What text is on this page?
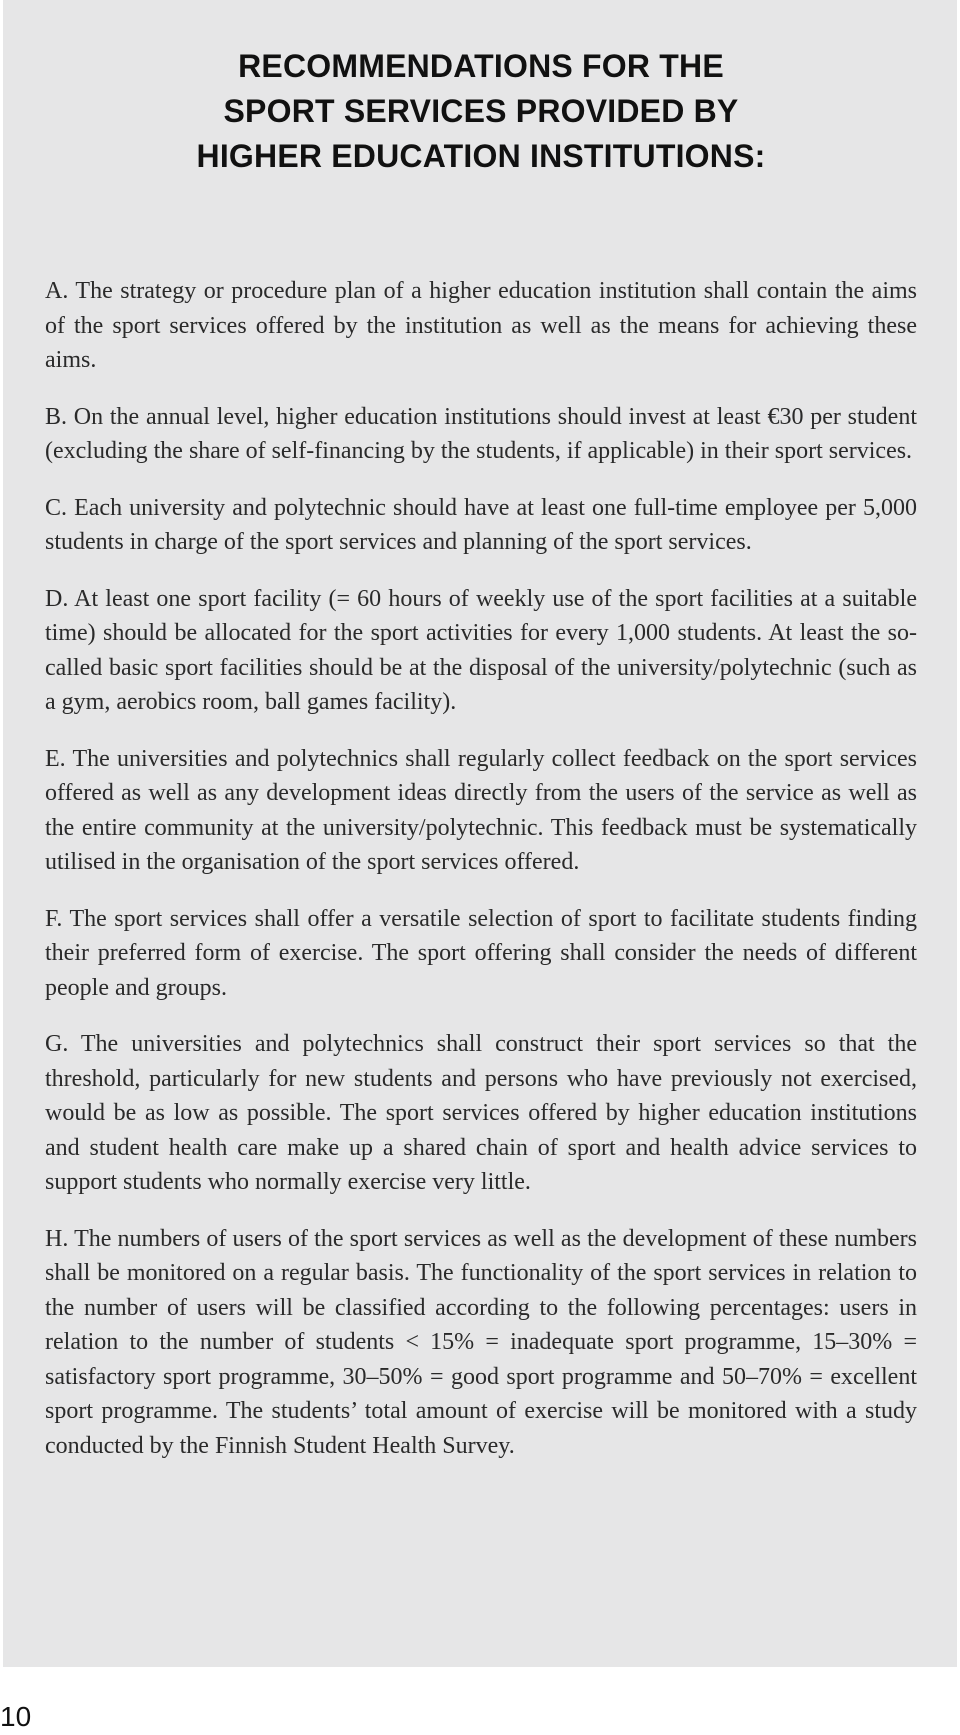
RECOMMENDATIONS FOR THE
SPORT SERVICES PROVIDED BY
HIGHER EDUCATION INSTITUTIONS:

A. The strategy or procedure plan of a higher education institution shall contain the aims of the sport services offered by the institution as well as the means for achieving these aims.

B. On the annual level, higher education institutions should invest at least €30 per student (excluding the share of self-financing by the students, if applicable) in their sport services.

C. Each university and polytechnic should have at least one full-time employee per 5,000 students in charge of the sport services and planning of the sport services.

D. At least one sport facility (= 60 hours of weekly use of the sport facilities at a suitable time) should be allocated for the sport activities for every 1,000 students. At least the so-called basic sport facilities should be at the disposal of the university/polytechnic (such as a gym, aerobics room, ball games facility).

E. The universities and polytechnics shall regularly collect feedback on the sport services offered as well as any development ideas directly from the users of the service as well as the entire community at the university/polytechnic. This feedback must be systematically utilised in the organisation of the sport services offered.

F. The sport services shall offer a versatile selection of sport to facilitate students finding their preferred form of exercise. The sport offering shall consider the needs of different people and groups.

G. The universities and polytechnics shall construct their sport services so that the threshold, particularly for new students and persons who have previously not exercised, would be as low as possible. The sport services offered by higher education institutions and student health care make up a shared chain of sport and health advice services to support students who normally exercise very little.

H. The numbers of users of the sport services as well as the development of these numbers shall be monitored on a regular basis. The functionality of the sport services in relation to the number of users will be classified according to the following percentages: users in relation to the number of students < 15% = inadequate sport programme, 15–30% = satisfactory sport programme, 30–50% = good sport programme and 50–70% = excellent sport programme. The students’ total amount of exercise will be monitored with a study conducted by the Finnish Student Health Survey.

10
